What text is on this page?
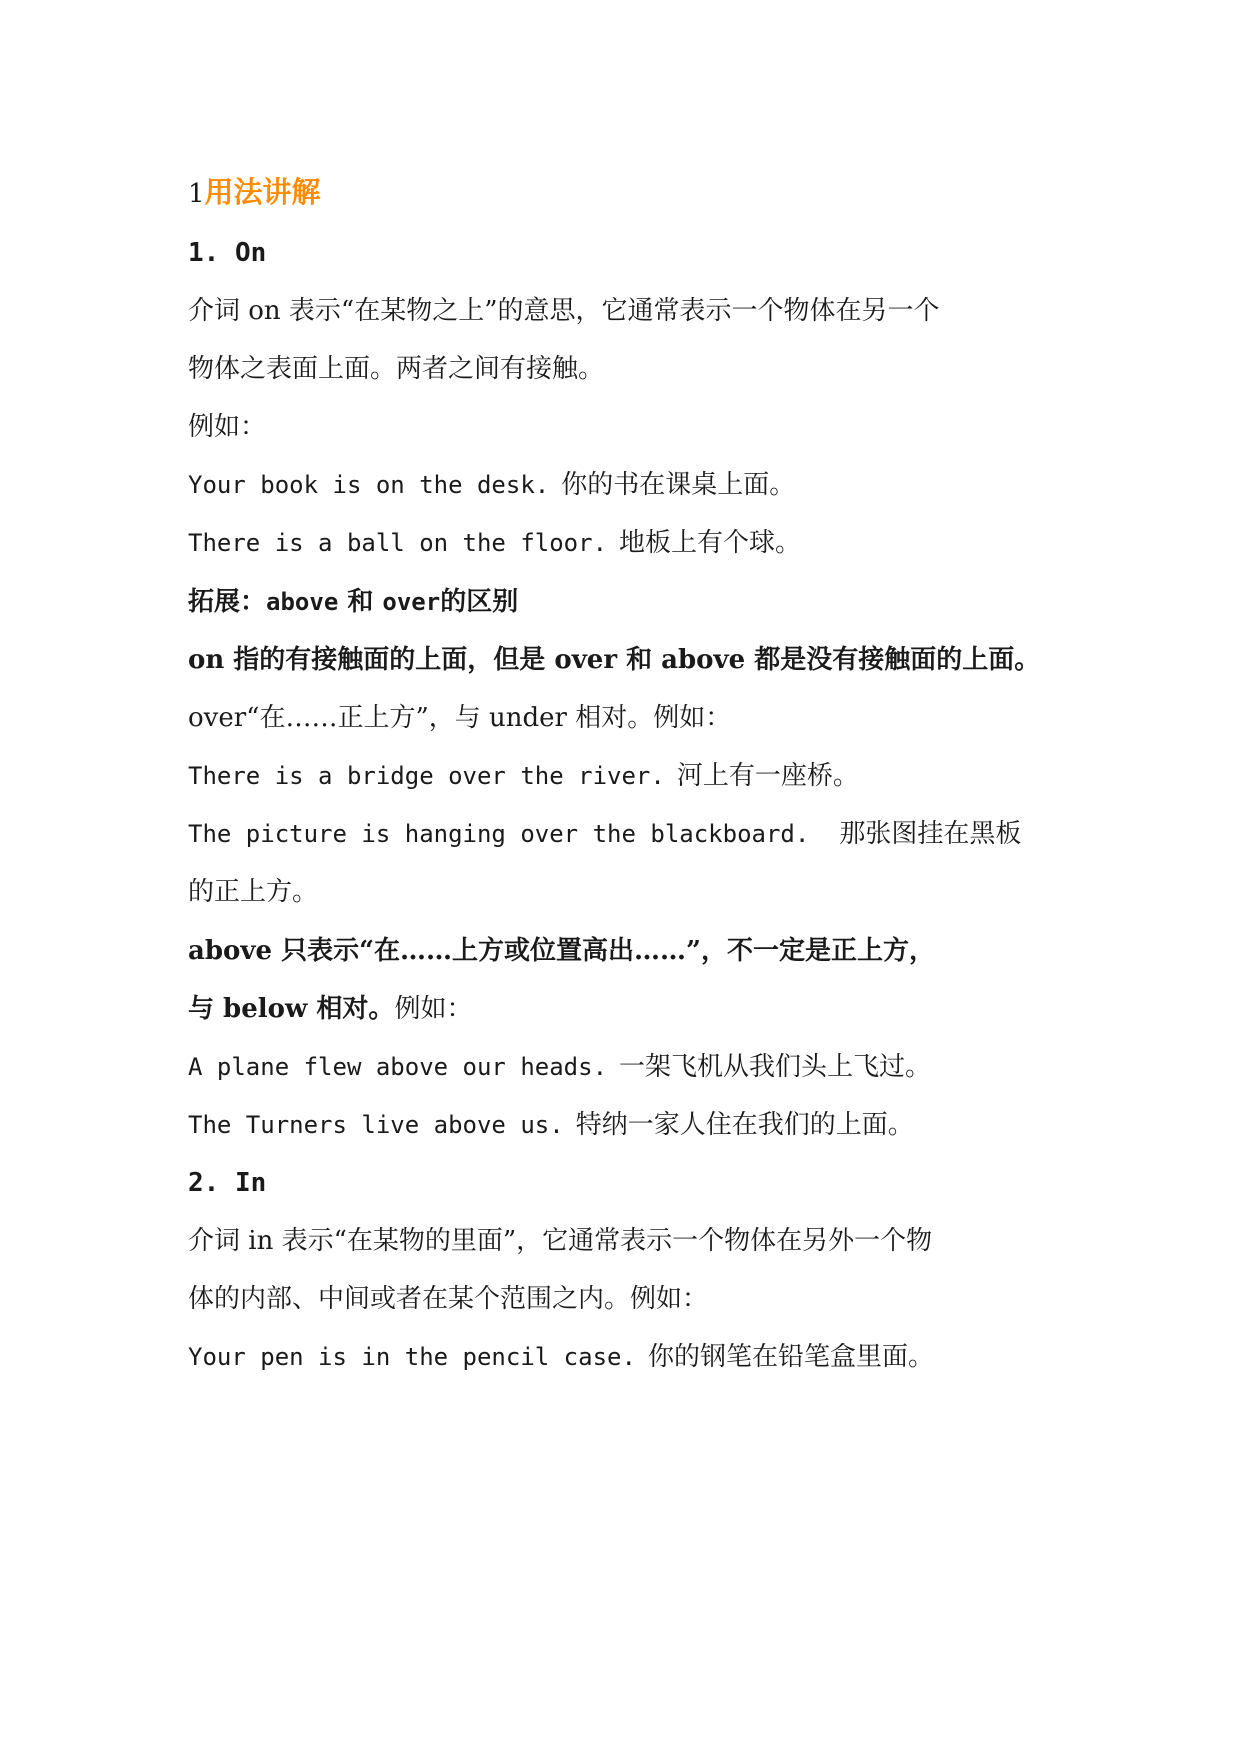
1用法讲解
1. On
介词 on 表示“在某物之上”的意思，它通常表示一个物体在另一个
物体之表面上面。两者之间有接触。
例如：
Your book is on the desk. 你的书在课桌上面。
There is a ball on the floor. 地板上有个球。
拓展：above 和 over的区别
on 指的有接触面的上面，但是 over 和 above 都是没有接触面的上面。
over“在……正上方”，与 under 相对。例如：
There is a bridge over the river. 河上有一座桥。
The picture is hanging over the blackboard. 那张图挂在黑板
的正上方。
above 只表示“在……上方或位置高出……”，不一定是正上方，
与 below 相对。例如：
A plane flew above our heads. 一架飞机从我们头上飞过。
The Turners live above us. 特纳一家人住在我们的上面。
2. In
介词 in 表示“在某物的里面”，它通常表示一个物体在另外一个物
体的内部、中间或者在某个范围之内。例如：
Your pen is in the pencil case. 你的钢笔在铅笔盒里面。
